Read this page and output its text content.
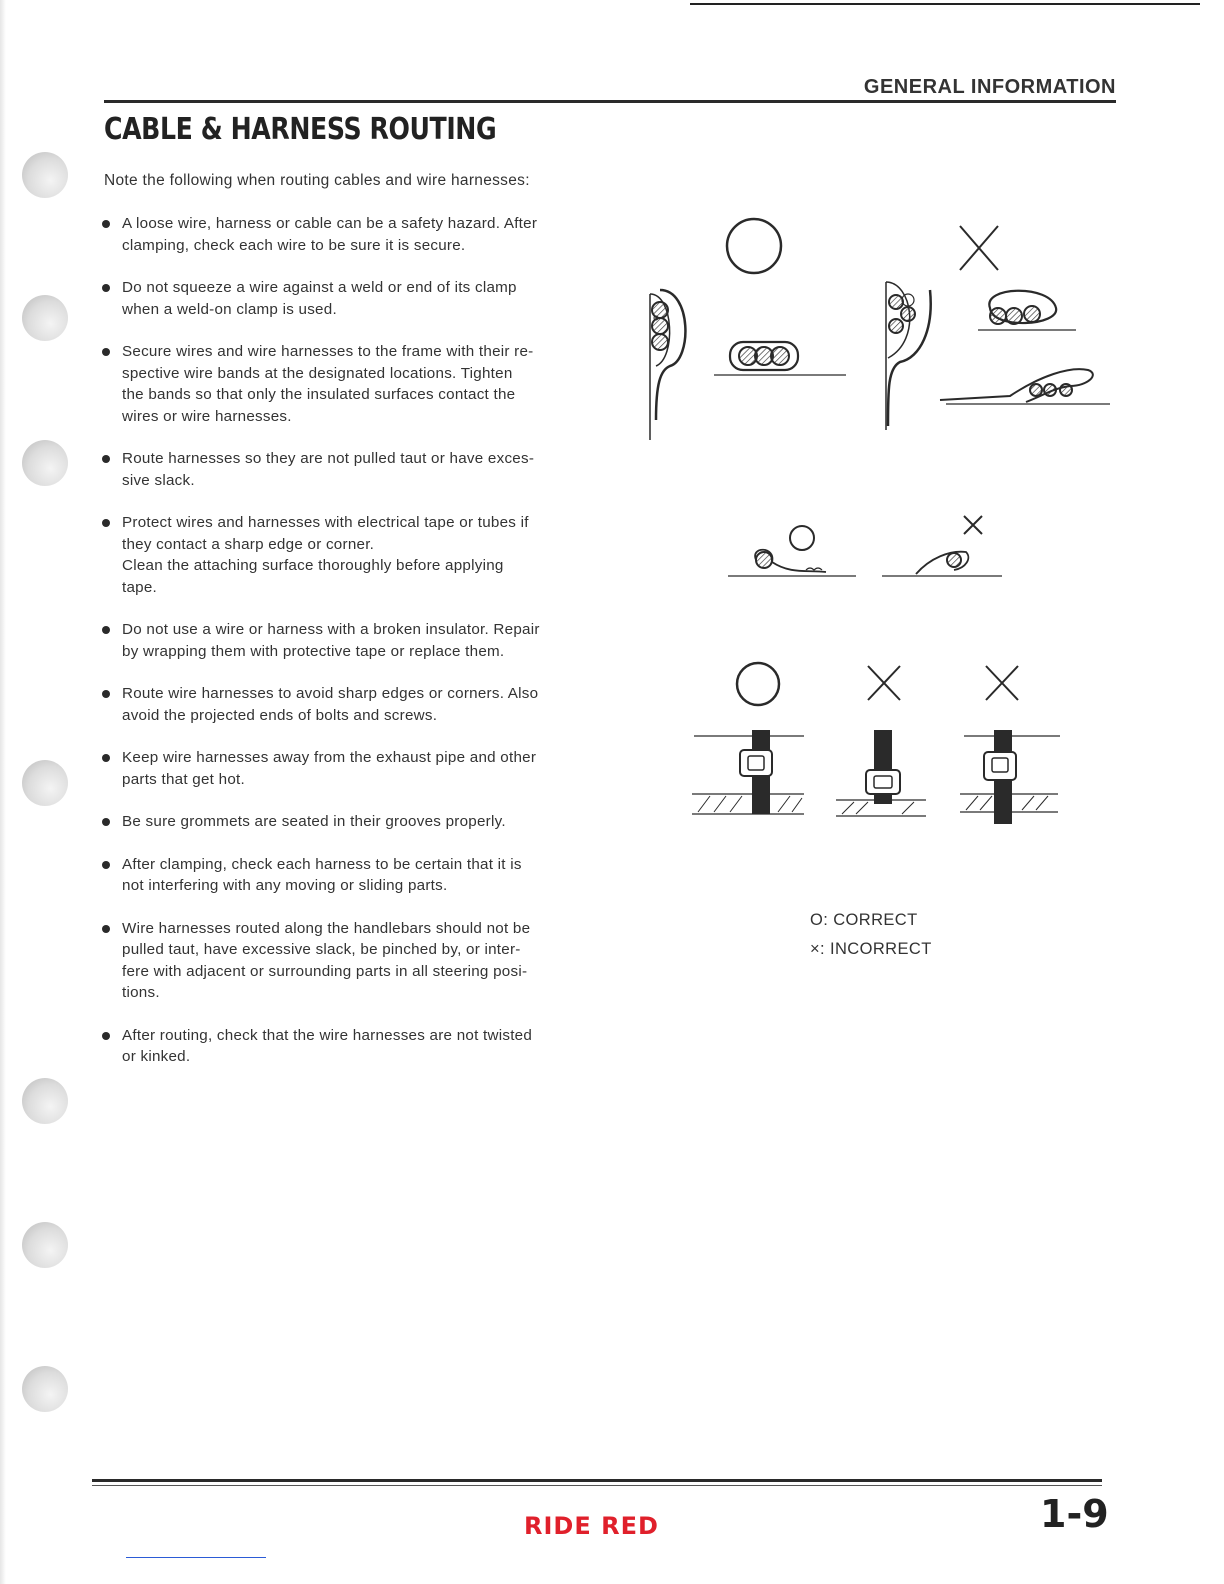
GENERAL INFORMATION
CABLE & HARNESS ROUTING
Note the following when routing cables and wire harnesses:
A loose wire, harness or cable can be a safety hazard. After
clamping, check each wire to be sure it is secure.
Do not squeeze a wire against a weld or end of its clamp
when a weld-on clamp is used.
Secure wires and wire harnesses to the frame with their re-
spective wire bands at the designated locations. Tighten
the bands so that only the insulated surfaces contact the
wires or wire harnesses.
Route harnesses so they are not pulled taut or have exces-
sive slack.
Protect wires and harnesses with electrical tape or tubes if
they contact a sharp edge or corner.
Clean the attaching surface thoroughly before applying
tape.
Do not use a wire or harness with a broken insulator. Repair
by wrapping them with protective tape or replace them.
Route wire harnesses to avoid sharp edges or corners. Also
avoid the projected ends of bolts and screws.
Keep wire harnesses away from the exhaust pipe and other
parts that get hot.
Be sure grommets are seated in their grooves properly.
After clamping, check each harness to be certain that it is
not interfering with any moving or sliding parts.
Wire harnesses routed along the handlebars should not be
pulled taut, have excessive slack, be pinched by, or inter-
fere with adjacent or surrounding parts in all steering posi-
tions.
After routing, check that the wire harnesses are not twisted
or kinked.
O: CORRECT
×: INCORRECT
RIDE RED	1-9
